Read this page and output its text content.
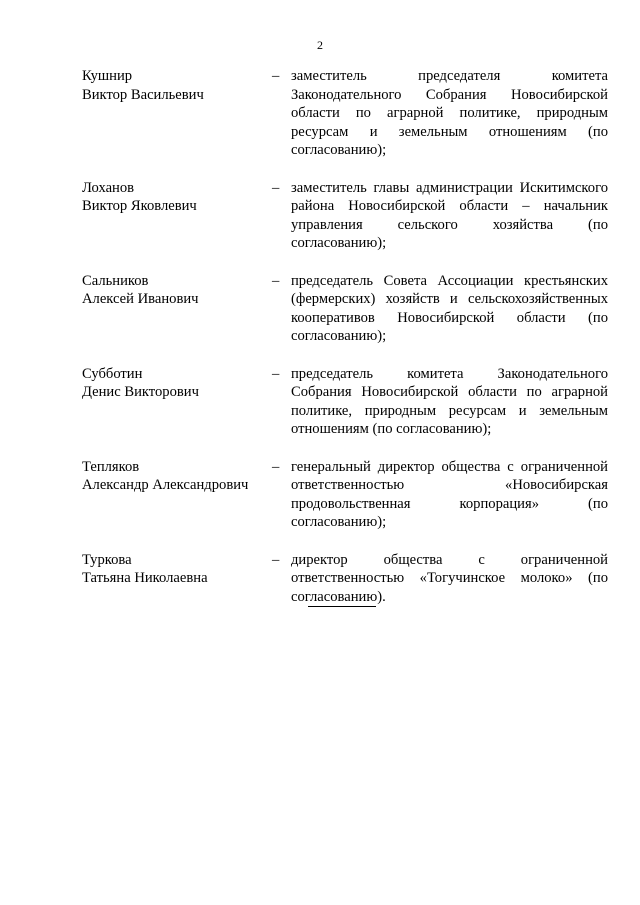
2
Кушнир
Виктор Васильевич
– заместитель председателя комитета Законодательного Собрания Новосибирской области по аграрной политике, природным ресурсам и земельным отношениям (по согласованию);
Лоханов
Виктор Яковлевич
– заместитель главы администрации Искитимского района Новосибирской области – начальник управления сельского хозяйства (по согласованию);
Сальников
Алексей Иванович
– председатель Совета Ассоциации крестьянских (фермерских) хозяйств и сельскохозяйственных кооперативов Новосибирской области (по согласованию);
Субботин
Денис Викторович
– председатель комитета Законодательного Собрания Новосибирской области по аграрной политике, природным ресурсам и земельным отношениям (по согласованию);
Тепляков
Александр Александрович
– генеральный директор общества с ограниченной ответственностью «Новосибирская продовольственная корпорация» (по согласованию);
Туркова
Татьяна Николаевна
– директор общества с ограниченной ответственностью «Тогучинское молоко» (по согласованию).
